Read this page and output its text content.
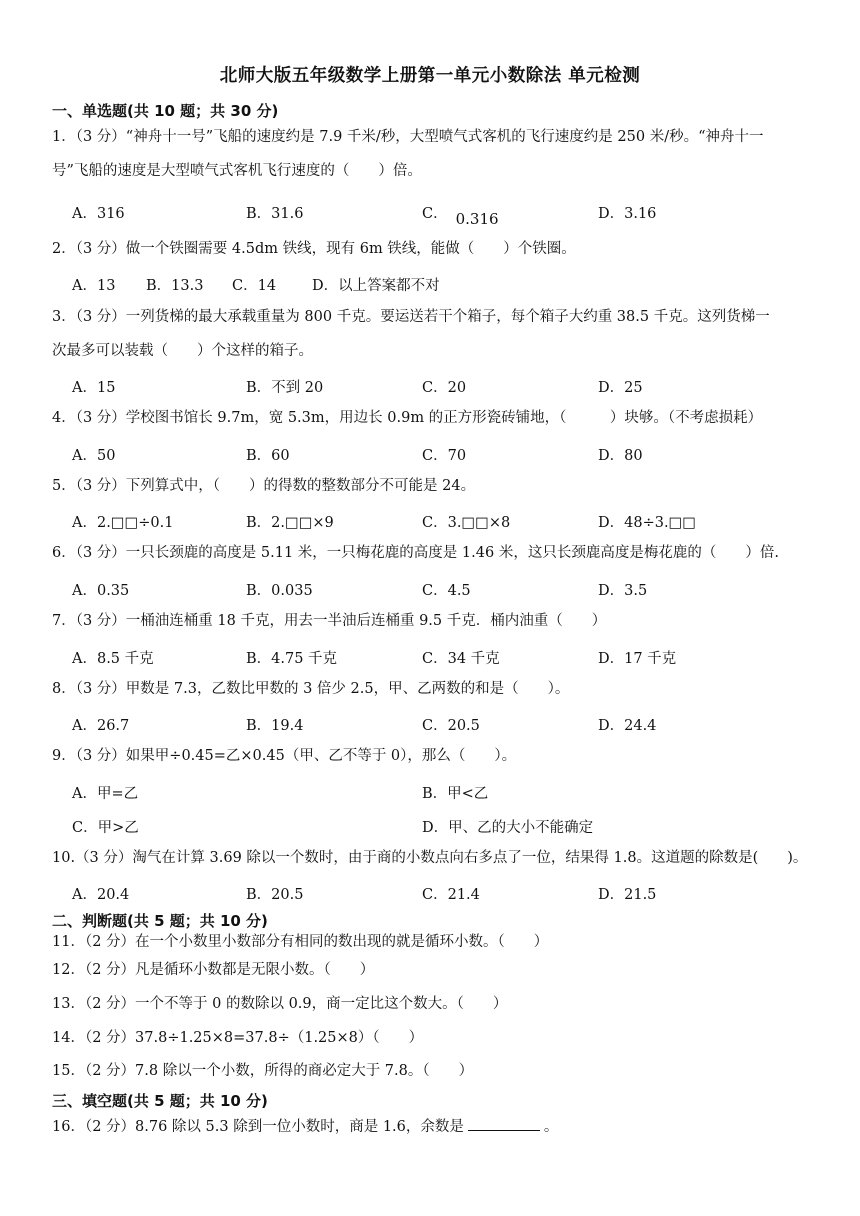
北师大版五年级数学上册第一单元小数除法 单元检测
一、单选题(共 10 题；共 30 分)
1．（3 分）“神舟十一号”飞船的速度约是 7.9 千米/秒，大型喷气式客机的飞行速度约是 250 米/秒。“神舟十一
号”飞船的速度是大型喷气式客机飞行速度的（　　）倍。
A．316	B．31.6	C． 0.316	D．3.16
2．（3 分）做一个铁圈需要 4.5dm 铁线，现有 6m 铁线，能做（　　）个铁圈。
A．13 B．13.3 C．14 D．以上答案都不对
3．（3 分）一列货梯的最大承载重量为 800 千克。要运送若干个箱子，每个箱子大约重 38.5 千克。这列货梯一
次最多可以装载（　　）个这样的箱子。
A．15	B．不到 20	C．20	D．25
4．（3 分）学校图书馆长 9.7m，宽 5.3m，用边长 0.9m 的正方形瓷砖铺地，（　　　）块够。（不考虑损耗）
A．50	B．60	C．70	D．80
5．（3 分）下列算式中，（　　）的得数的整数部分不可能是 24。
A．2.□□÷0.1	B．2.□□×9	C．3.□□×8	D．48÷3.□□
6．（3 分）一只长颈鹿的高度是 5.11 米，一只梅花鹿的高度是 1.46 米，这只长颈鹿高度是梅花鹿的（　　）倍.
A．0.35	B．0.035	C．4.5	D．3.5
7．（3 分）一桶油连桶重 18 千克，用去一半油后连桶重 9.5 千克．桶内油重（　　）
A．8.5 千克	B．4.75 千克	C．34 千克	D．17 千克
8．（3 分）甲数是 7.3，乙数比甲数的 3 倍少 2.5，甲、乙两数的和是（　　）。
A．26.7	B．19.4	C．20.5	D．24.4
9．（3 分）如果甲÷0.45=乙×0.45（甲、乙不等于 0），那么（　　）。
A．甲=乙	B．甲<乙
C．甲>乙	D．甲、乙的大小不能确定
10.（3 分）淘气在计算 3.69 除以一个数时，由于商的小数点向右多点了一位，结果得 1.8。这道题的除数是(　　)。
A．20.4	B．20.5	C．21.4	D．21.5
二、判断题(共 5 题；共 10 分)
11．（2 分）在一个小数里小数部分有相同的数出现的就是循环小数。（　　）
12．（2 分）凡是循环小数都是无限小数。（　　）
13．（2 分）一个不等于 0 的数除以 0.9，商一定比这个数大。（　　）
14．（2 分）37.8÷1.25×8=37.8÷（1.25×8）（　　）
15．（2 分）7.8 除以一个小数，所得的商必定大于 7.8。（　　）
三、填空题(共 5 题；共 10 分)
16．（2 分）8.76 除以 5.3 除到一位小数时，商是 1.6，余数是	。
